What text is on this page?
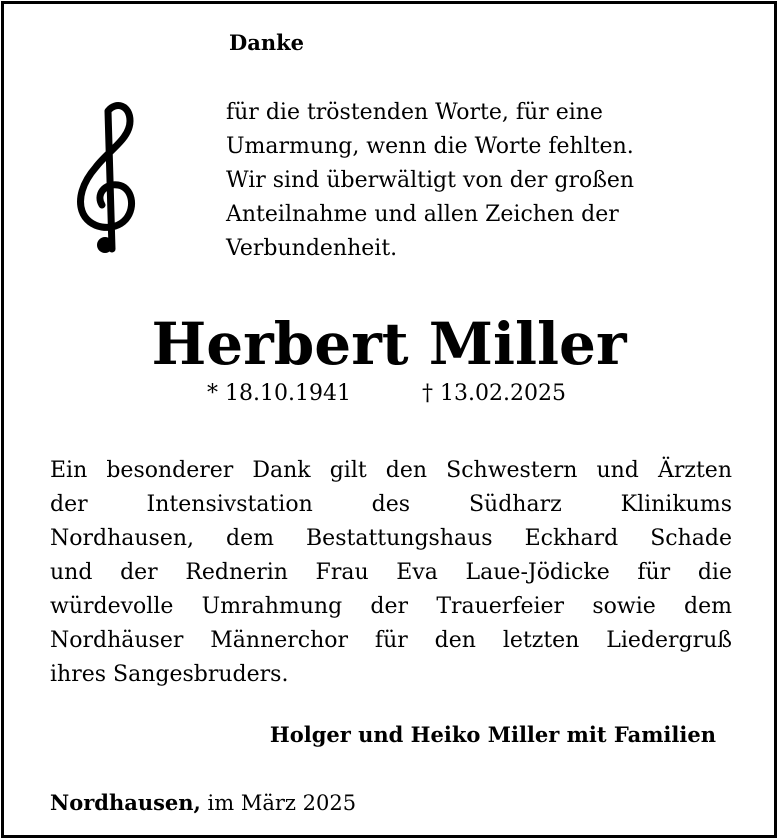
Danke
für die tröstenden Worte, für eine
Umarmung, wenn die Worte fehlten.
Wir sind überwältigt von der großen
Anteilnahme und allen Zeichen der
Verbundenheit.
Herbert Miller
* 18.10.1941	† 13.02.2025
Ein besonderer Dank gilt den Schwestern und Ärzten
der Intensivstation des Südharz Klinikums
Nordhausen, dem Bestattungshaus Eckhard Schade
und der Rednerin Frau Eva Laue-Jödicke für die
würdevolle Umrahmung der Trauerfeier sowie dem
Nordhäuser Männerchor für den letzten Liedergruß
ihres Sangesbruders.
Holger und Heiko Miller mit Familien
Nordhausen, im März 2025
